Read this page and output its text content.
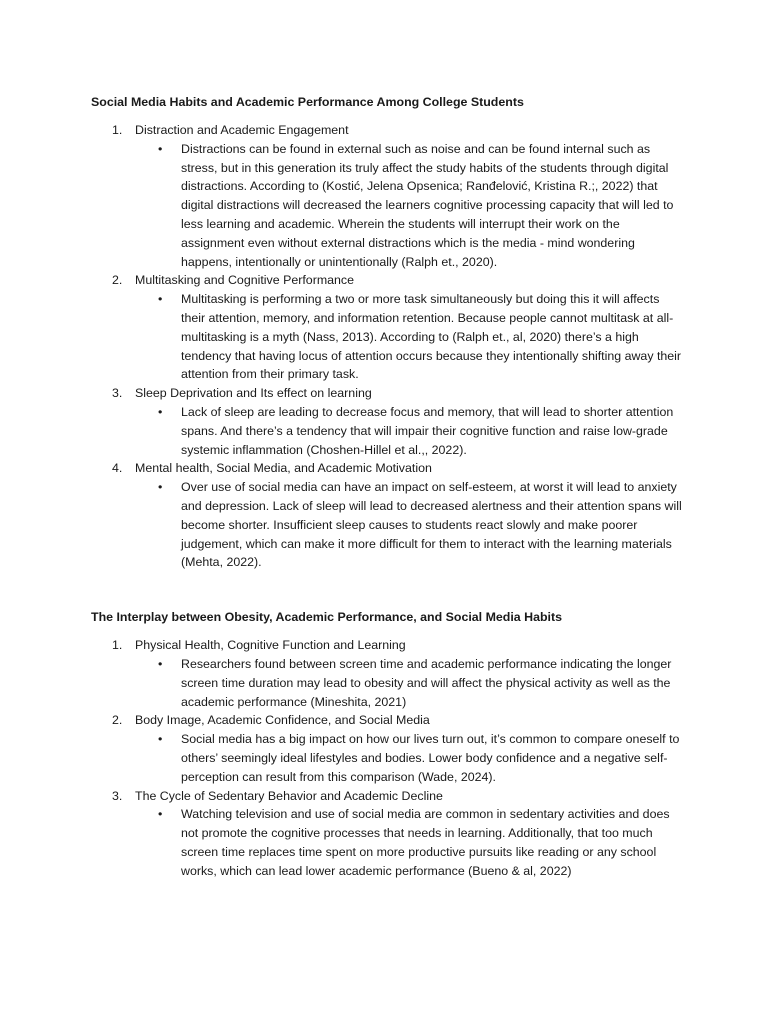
Social Media Habits and Academic Performance Among College Students
1. Distraction and Academic Engagement
• Distractions can be found in external such as noise and can be found internal such as stress, but in this generation its truly affect the study habits of the students through digital distractions. According to (Kostić, Jelena Opsenica; Ranđelović, Kristina R.;, 2022) that digital distractions will decreased the learners cognitive processing capacity that will led to less learning and academic. Wherein the students will interrupt their work on the assignment even without external distractions which is the media - mind wondering happens, intentionally or unintentionally (Ralph et., 2020).
2. Multitasking and Cognitive Performance
• Multitasking is performing a two or more task simultaneously but doing this it will affects their attention, memory, and information retention. Because people cannot multitask at all- multitasking is a myth (Nass, 2013). According to (Ralph et., al, 2020) there’s a high tendency that having locus of attention occurs because they intentionally shifting away their attention from their primary task.
3. Sleep Deprivation and Its effect on learning
• Lack of sleep are leading to decrease focus and memory, that will lead to shorter attention spans. And there’s a tendency that will impair their cognitive function and raise low-grade systemic inflammation (Choshen-Hillel et al.,, 2022).
4. Mental health, Social Media, and Academic Motivation
• Over use of social media can have an impact on self-esteem, at worst it will lead to anxiety and depression. Lack of sleep will lead to decreased alertness and their attention spans will become shorter. Insufficient sleep causes to students react slowly and make poorer judgement, which can make it more difficult for them to interact with the learning materials (Mehta, 2022).
The Interplay between Obesity, Academic Performance, and Social Media Habits
1. Physical Health, Cognitive Function and Learning
• Researchers found between screen time and academic performance indicating the longer screen time duration may lead to obesity and will affect the physical activity as well as the academic performance (Mineshita, 2021)
2. Body Image, Academic Confidence, and Social Media
• Social media has a big impact on how our lives turn out, it’s common to compare oneself to others’ seemingly ideal lifestyles and bodies. Lower body confidence and a negative self-perception can result from this comparison (Wade, 2024).
3. The Cycle of Sedentary Behavior and Academic Decline
• Watching television and use of social media are common in sedentary activities and does not promote the cognitive processes that needs in learning. Additionally, that too much screen time replaces time spent on more productive pursuits like reading or any school works, which can lead lower academic performance (Bueno & al, 2022)
